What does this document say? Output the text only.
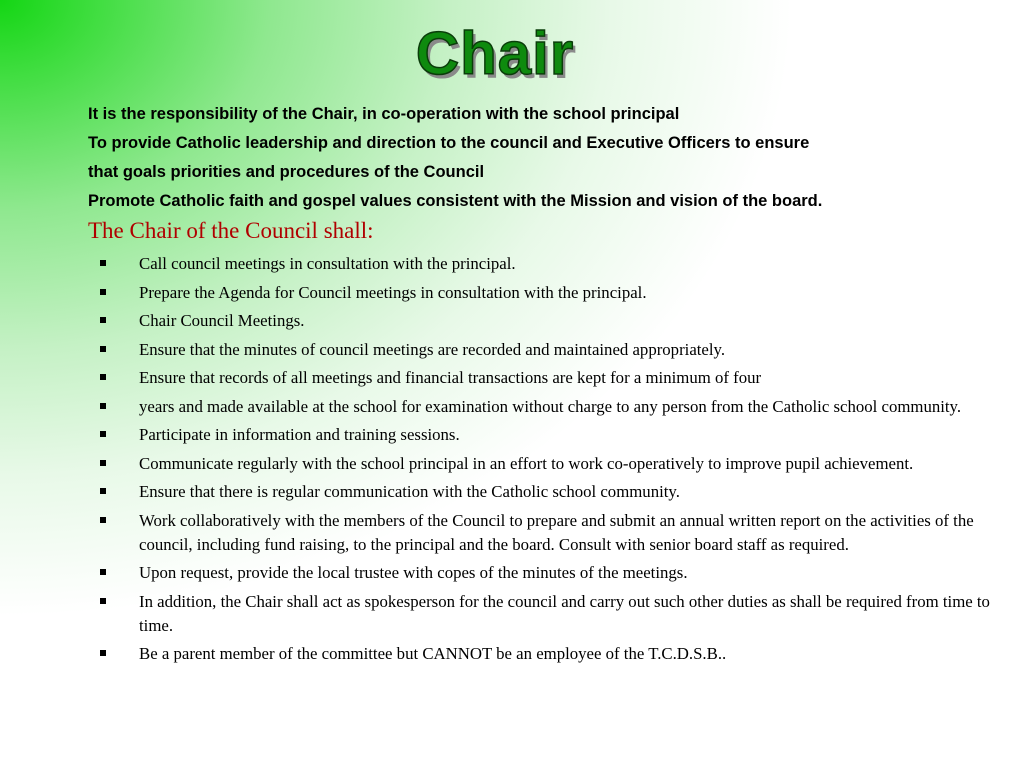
Chair
It is the responsibility of the Chair, in co-operation with the school principal
To provide Catholic leadership and direction to the council and Executive Officers to ensure
that goals priorities and procedures of the Council
Promote Catholic faith and gospel values consistent with the Mission and vision of the board.
The Chair of the Council shall:
Call council meetings in consultation with the principal.
Prepare the Agenda for Council meetings in consultation with the principal.
Chair Council Meetings.
Ensure that the minutes of council meetings are recorded and maintained appropriately.
Ensure that records of all meetings and financial transactions are kept for a minimum of four
years and made available at the school for examination without charge to any person from the Catholic school community.
Participate in information and training sessions.
Communicate regularly with the school principal in an effort to work co-operatively to improve pupil achievement.
Ensure that there is regular communication with the Catholic school community.
Work collaboratively with the members of the Council to prepare and submit an annual written report on the activities of the council, including fund raising, to the principal and the board. Consult with senior board staff as required.
Upon request, provide the local trustee with copes of the minutes of the meetings.
In addition, the Chair shall act as spokesperson for the council and carry out such other duties as shall be required from time to time.
Be a parent member of the committee but CANNOT be an employee of the T.C.D.S.B..
